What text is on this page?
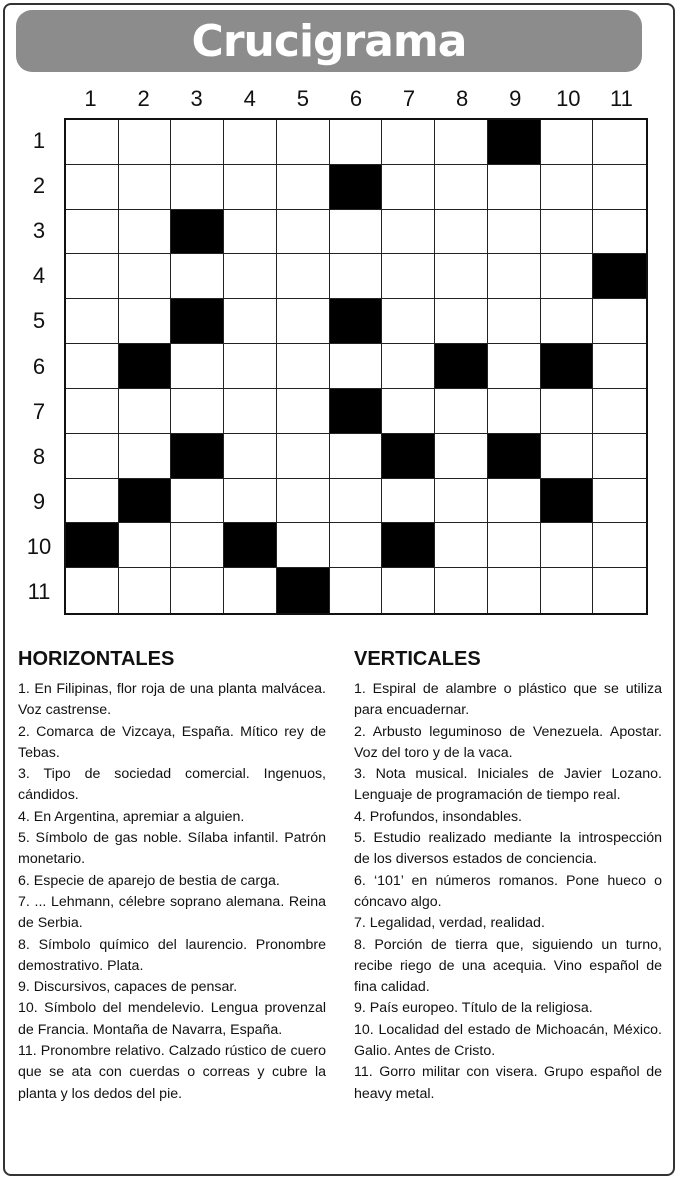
Crucigrama
1	2	3	4	5	6	7	8	9	10	11
1
2
3
4
5
6
7
8
9
10
11
HORIZONTALES

1. En Filipinas, flor roja de una planta malvácea. Voz castrense.

2. Comarca de Vizcaya, España. Mítico rey de Tebas.

3. Tipo de sociedad comercial. Ingenuos, cándidos.

4. En Argentina, apremiar a alguien.

5. Símbolo de gas noble. Sílaba infantil. Patrón monetario.

6. Especie de aparejo de bestia de carga.

7. ... Lehmann, célebre soprano alemana. Reina de Serbia.

8. Símbolo químico del laurencio. Pronombre demostrativo. Plata.

9. Discursivos, capaces de pensar.

10. Símbolo del mendelevio. Lengua provenzal de Francia. Montaña de Navarra, España.

11. Pronombre relativo. Calzado rústico de cuero que se ata con cuerdas o correas y cubre la planta y los dedos del pie.

VERTICALES

1. Espiral de alambre o plástico que se utiliza para encuadernar.

2. Arbusto leguminoso de Venezuela. Apostar. Voz del toro y de la vaca.

3. Nota musical. Iniciales de Javier Lozano. Lenguaje de programación de tiempo real.

4. Profundos, insondables.

5. Estudio realizado mediante la introspección de los diversos estados de conciencia.

6. ‘101’ en números romanos. Pone hueco o cóncavo algo.

7. Legalidad, verdad, realidad.

8. Porción de tierra que, siguiendo un turno, recibe riego de una acequia. Vino español de fina calidad.

9. País europeo. Título de la religiosa.

10. Localidad del estado de Michoacán, México. Galio. Antes de Cristo.

11. Gorro militar con visera. Grupo español de heavy metal.
